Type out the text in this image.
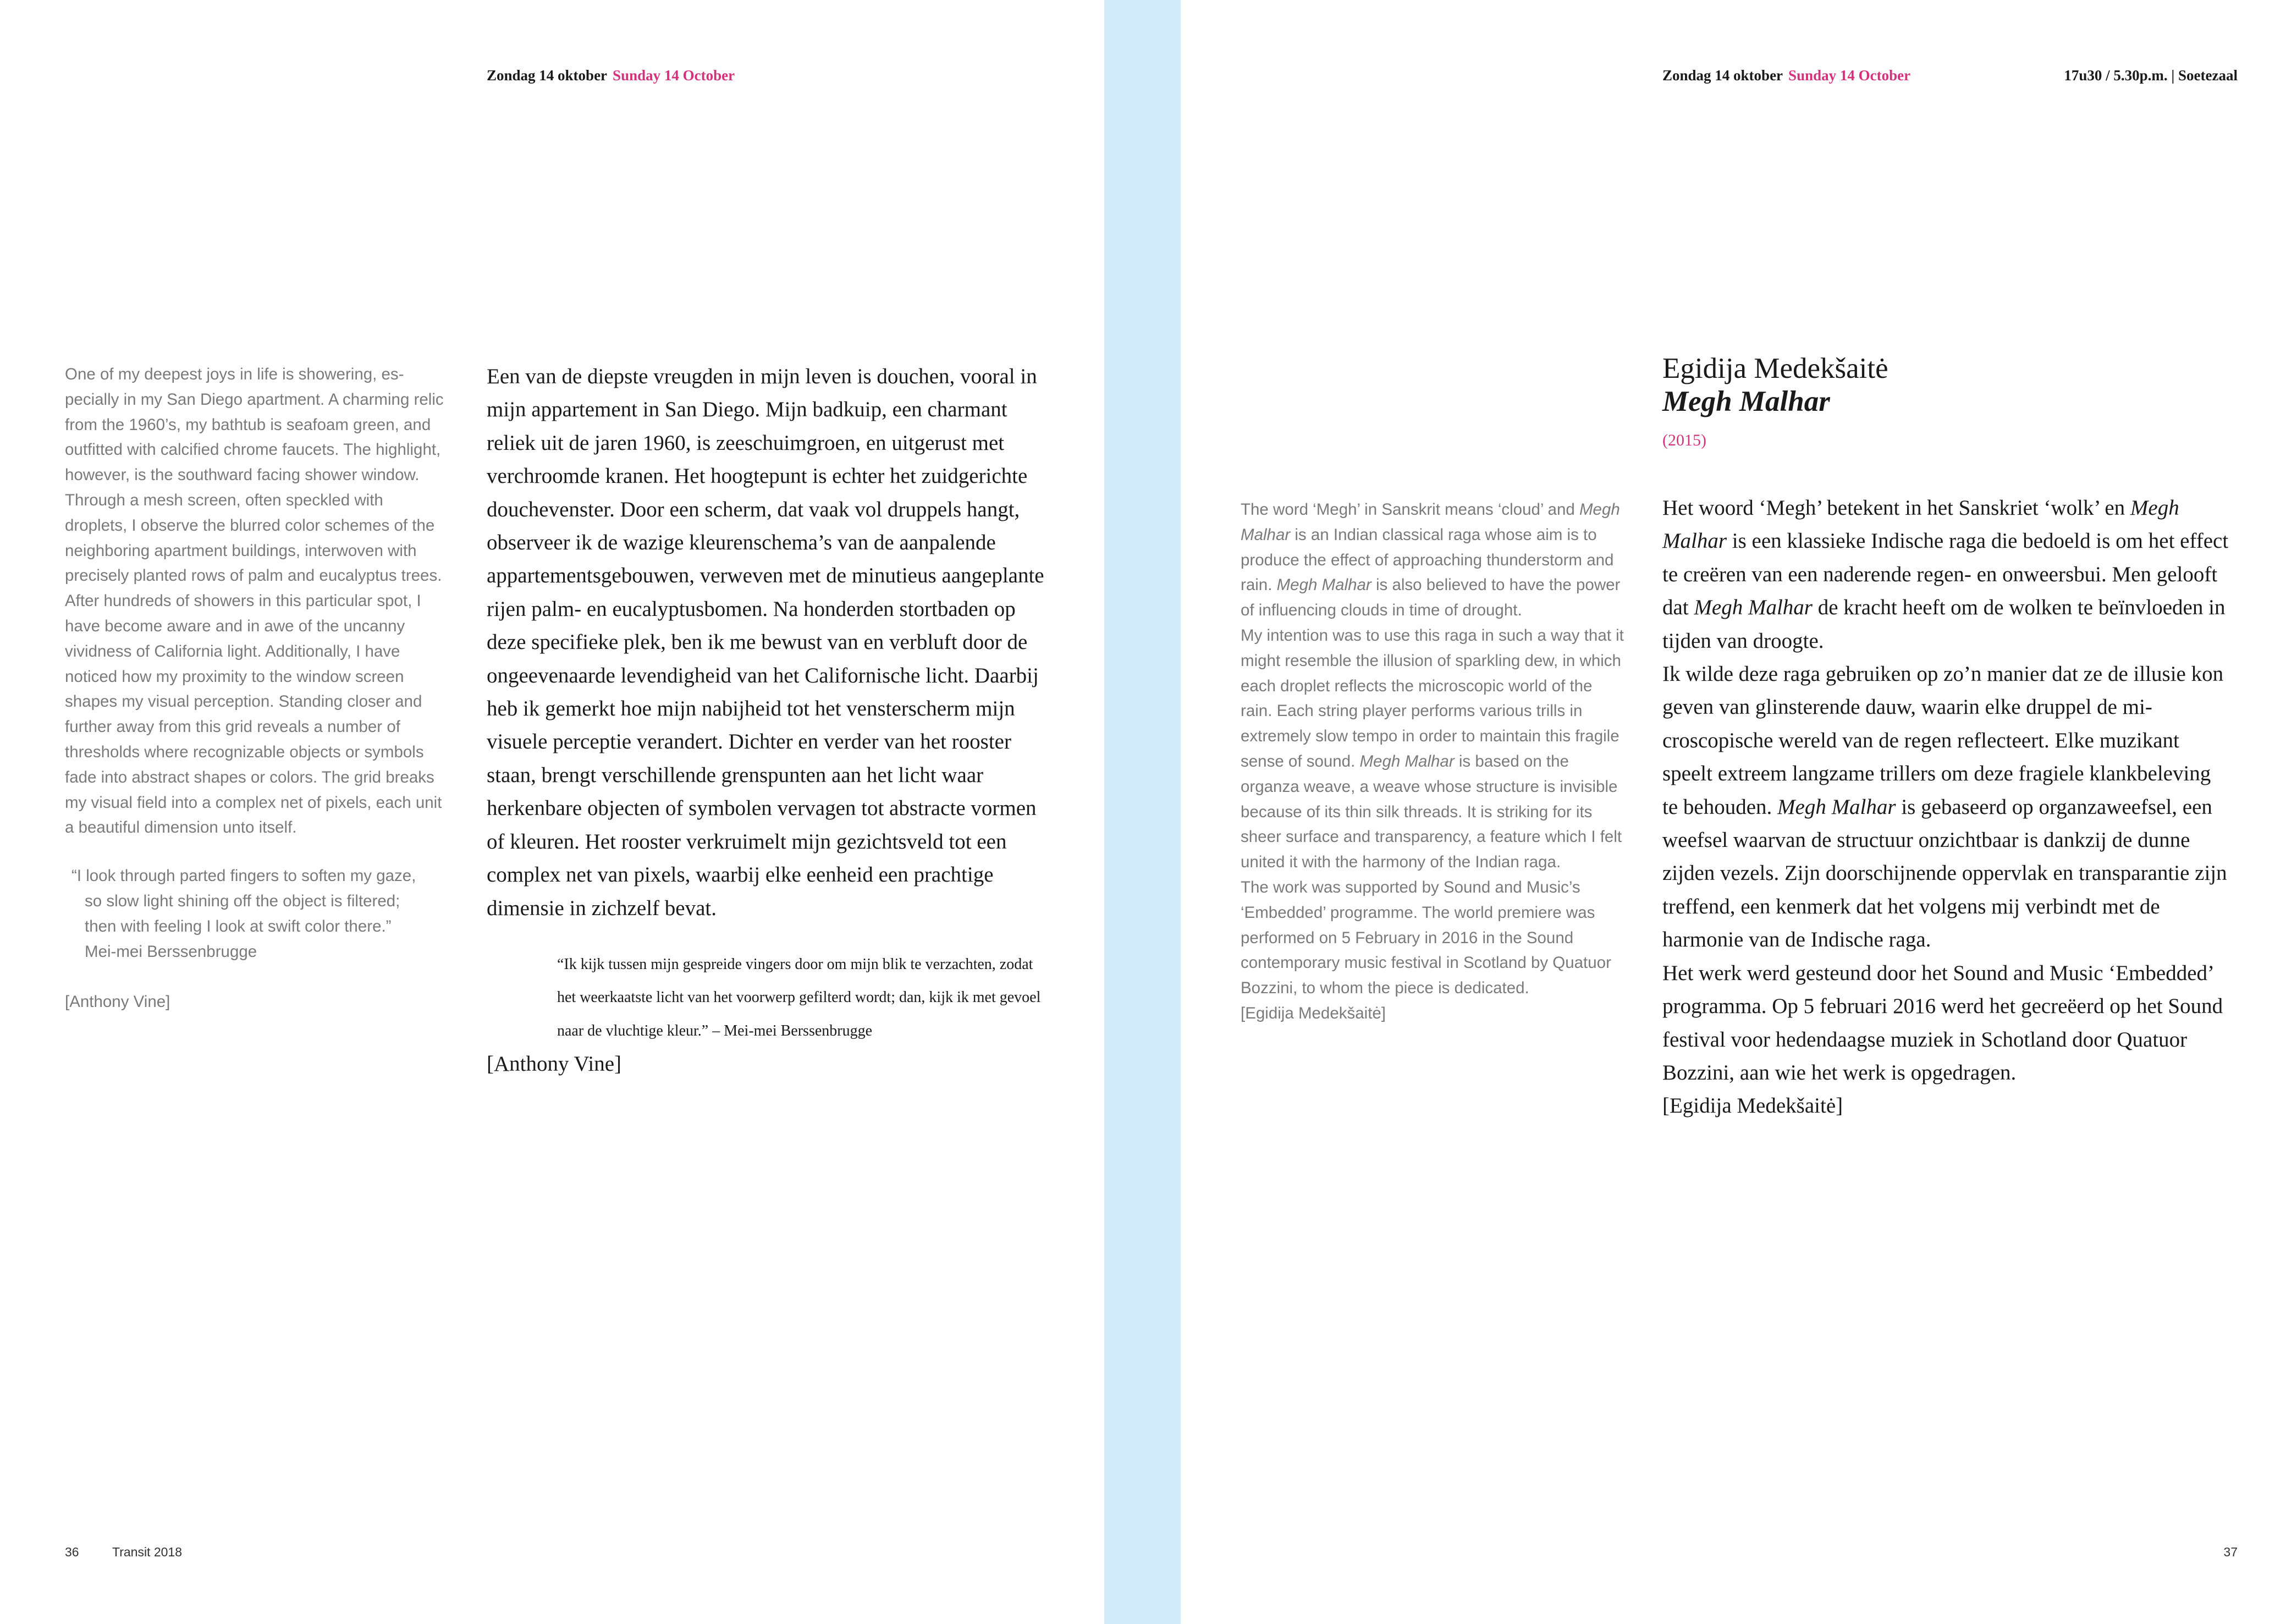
Zondag 14 oktober Sunday 14 October

One of my deepest joys in life is showering, especially in my San Diego apartment. A charming relic from the 1960’s, my bathtub is seafoam green, and outfitted with calcified chrome faucets. The highlight, however, is the southward facing shower window. Through a mesh screen, often speckled with droplets, I observe the blurred color schemes of the neighboring apartment buildings, interwoven with precisely planted rows of palm and eucalyptus trees. After hundreds of showers in this particular spot, I have become aware and in awe of the uncanny vividness of California light. Additionally, I have noticed how my proximity to the window screen shapes my visual perception. Standing closer and further away from this grid reveals a number of thresholds where recognizable objects or symbols fade into abstract shapes or colors. The grid breaks my visual field into a complex net of pixels, each unit a beautiful dimension unto itself.

“I look through parted fingers to soften my gaze,
so slow light shining off the object is filtered;
then with feeling I look at swift color there.”
Mei-mei Berssenbrugge

[Anthony Vine]

Een van de diepste vreugden in mijn leven is douchen, vooral in mijn appartement in San Diego. Mijn badkuip, een charmant reliek uit de jaren 1960, is zeeschuimgroen, en uitgerust met verchroomde kranen. Het hoogtepunt is echter het zuidgerichte douchevenster. Door een scherm, dat vaak vol druppels hangt, observeer ik de wazige kleurenschema’s van de aanpalende appartementsgebouwen, verweven met de minutieus aangeplante rijen palm- en eucalyptusbomen. Na honderden stortbaden op deze specifieke plek, ben ik me bewust van en verbluft door de ongeevenaarde levendigheid van het Californische licht. Daarbij heb ik gemerkt hoe mijn nabijheid tot het vensterscherm mijn visuele perceptie verandert. Dichter en verder van het rooster staan, brengt verschillende grenspunten aan het licht waar herkenbare objecten of symbolen vervagen tot abstracte vormen of kleuren. Het rooster verkruimelt mijn gezichtsveld tot een complex net van pixels, waarbij elke eenheid een prachtige dimensie in zichzelf bevat.

“Ik kijk tussen mijn gespreide vingers door om mijn blik te verzachten, zodat het weerkaatste licht van het voorwerp gefilterd wordt; dan, kijk ik met gevoel naar de vluchtige kleur.” – Mei-mei Berssenbrugge

[Anthony Vine]

36	Transit 2018
Zondag 14 oktober Sunday 14 October	17u30 / 5.30p.m. | Soetezaal
37
Egidija Medekšaitė
Megh Malhar
(2015)

The word ‘Megh’ in Sanskrit means ‘cloud’ and Megh Malhar is an Indian classical raga whose aim is to produce the effect of approaching thunderstorm and rain. Megh Malhar is also believed to have the power of influencing clouds in time of drought.

My intention was to use this raga in such a way that it might resemble the illusion of sparkling dew, in which each droplet reflects the microscopic world of the rain. Each string player performs various trills in extremely slow tempo in order to maintain this fragile sense of sound. Megh Malhar is based on the organza weave, a weave whose structure is invisible because of its thin silk threads. It is striking for its sheer surface and transparency, a feature which I felt united it with the harmony of the Indian raga.

The work was supported by Sound and Music’s ‘Embedded’ programme. The world premiere was performed on 5 February in 2016 in the Sound contemporary music festival in Scotland by Quatuor Bozzini, to whom the piece is dedicated.

[Egidija Medekšaitė]

Het woord ‘Megh’ betekent in het Sanskriet ‘wolk’ en Megh Malhar is een klassieke Indische raga die bedoeld is om het effect te creëren van een naderende regen- en onweersbui. Men gelooft dat Megh Malhar de kracht heeft om de wolken te beïnvloeden in tijden van droogte.

Ik wilde deze raga gebruiken op zo’n manier dat ze de illusie kon geven van glinsterende dauw, waarin elke druppel de microscopische wereld van de regen reflecteert. Elke muzikant speelt extreem langzame trillers om deze fragiele klankbeleving te behouden. Megh Malhar is gebaseerd op organzaweefsel, een weefsel waarvan de structuur onzichtbaar is dankzij de dunne zijden vezels. Zijn doorschijnende oppervlak en transparantie zijn treffend, een kenmerk dat het volgens mij verbindt met de harmonie van de Indische raga.

Het werk werd gesteund door het Sound and Music ‘Embedded’ programma. Op 5 februari 2016 werd het gecreëerd op het Sound festival voor hedendaagse muziek in Schotland door Quatuor Bozzini, aan wie het werk is opgedragen.

[Egidija Medekšaitė]
